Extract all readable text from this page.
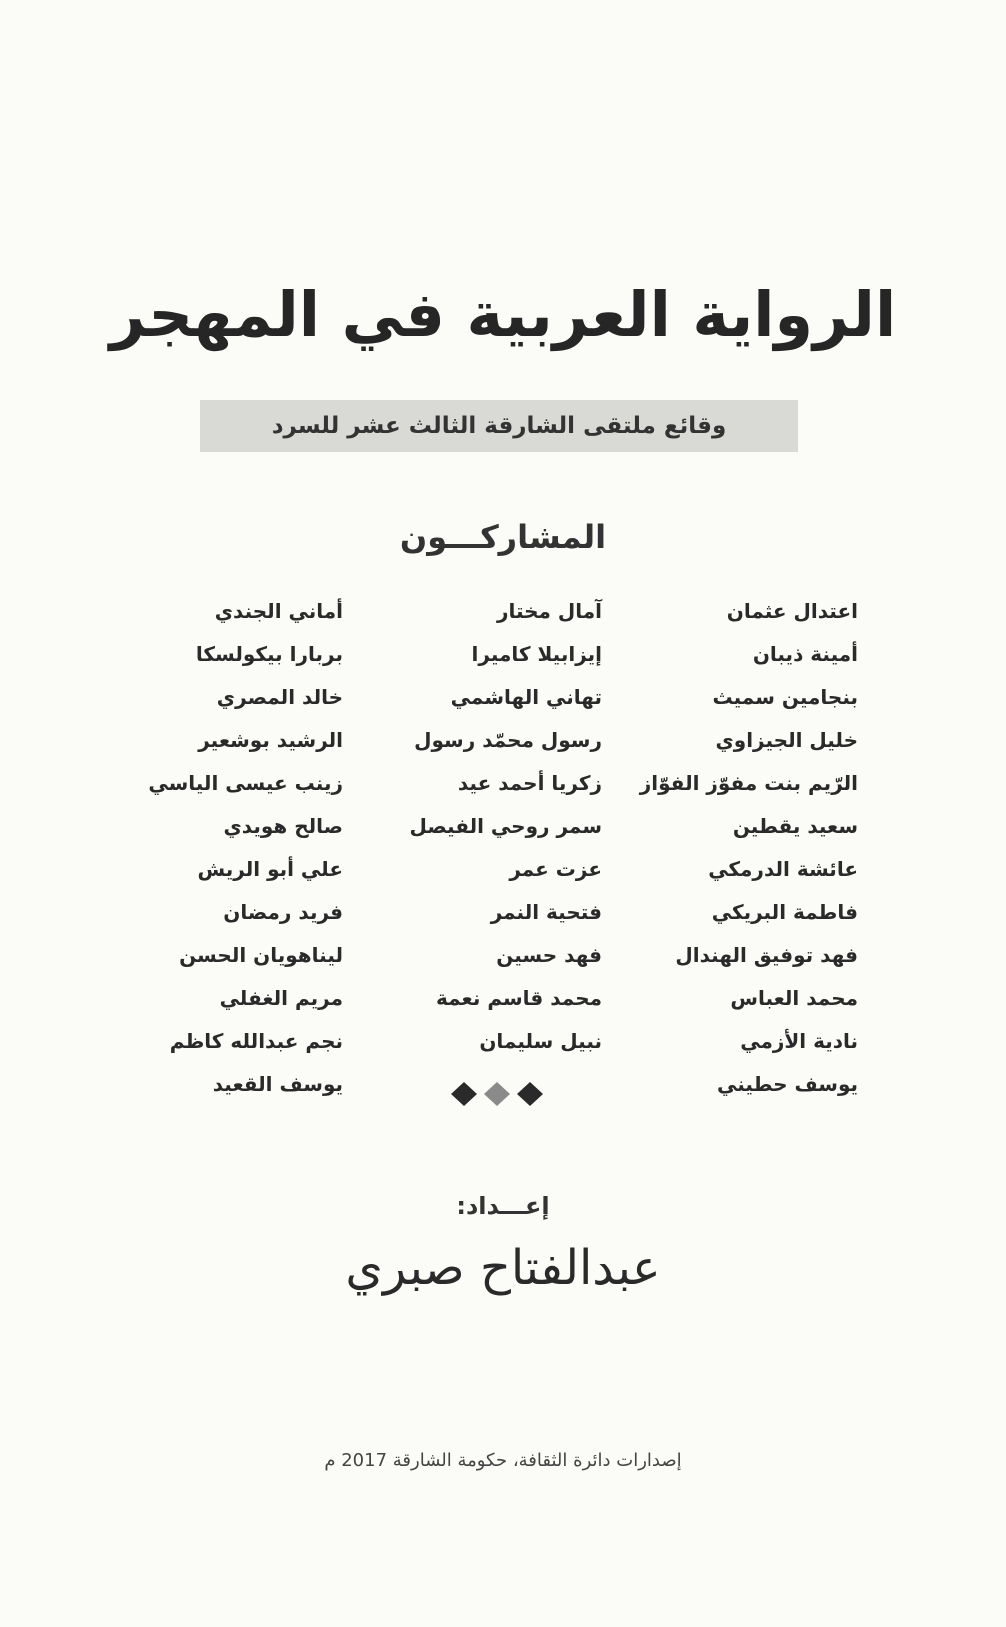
الرواية العربية في المهجر
وقائع ملتقى الشارقة الثالث عشر للسرد
المشاركـــون
اعتدال عثمان
أمينة ذيبان
بنجامين سميث
خليل الجيزاوي
الرّيم بنت مفوّز الفوّاز
سعيد يقطين
عائشة الدرمكي
فاطمة البريكي
فهد توفيق الهندال
محمد العباس
نادية الأزمي
يوسف حطيني
آمال مختار
إيزابيلا كاميرا
تهاني الهاشمي
رسول محمّد رسول
زكريا أحمد عيد
سمر روحي الفيصل
عزت عمر
فتحية النمر
فهد حسين
محمد قاسم نعمة
نبيل سليمان
أماني الجندي
بربارا بيكولسكا
خالد المصري
الرشيد بوشعير
زينب عيسى الياسي
صالح هويدي
علي أبو الريش
فريد رمضان
ليناهويان الحسن
مريم الغفلي
نجم عبدالله كاظم
يوسف القعيد
إعـــداد:
عبدالفتاح صبري
إصدارات دائرة الثقافة، حكومة الشارقة 2017 م
